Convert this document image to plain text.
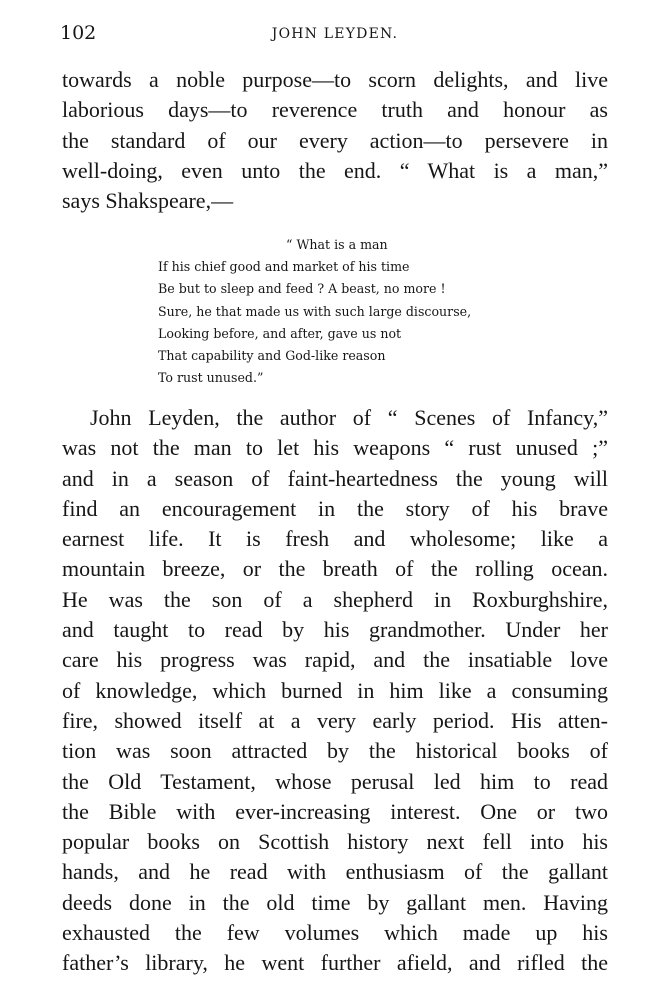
102	JOHN LEYDEN.
towards a noble purpose—to scorn delights, and live
laborious days—to reverence truth and honour as
the standard of our every action—to persevere in
well-doing, even unto the end. “ What is a man,”
says Shakspeare,—
“ What is a man
If his chief good and market of his time
Be but to sleep and feed ? A beast, no more !
Sure, he that made us with such large discourse,
Looking before, and after, gave us not
That capability and God-like reason
To rust unused.”
John Leyden, the author of “ Scenes of Infancy,”
was not the man to let his weapons “ rust unused ;”
and in a season of faint-heartedness the young will
find an encouragement in the story of his brave
earnest life. It is fresh and wholesome; like a
mountain breeze, or the breath of the rolling ocean.
He was the son of a shepherd in Roxburghshire,
and taught to read by his grandmother. Under her
care his progress was rapid, and the insatiable love
of knowledge, which burned in him like a consuming
fire, showed itself at a very early period. His atten-
tion was soon attracted by the historical books of
the Old Testament, whose perusal led him to read
the Bible with ever-increasing interest. One or two
popular books on Scottish history next fell into his
hands, and he read with enthusiasm of the gallant
deeds done in the old time by gallant men. Having
exhausted the few volumes which made up his
father’s library, he went further afield, and rifled the
